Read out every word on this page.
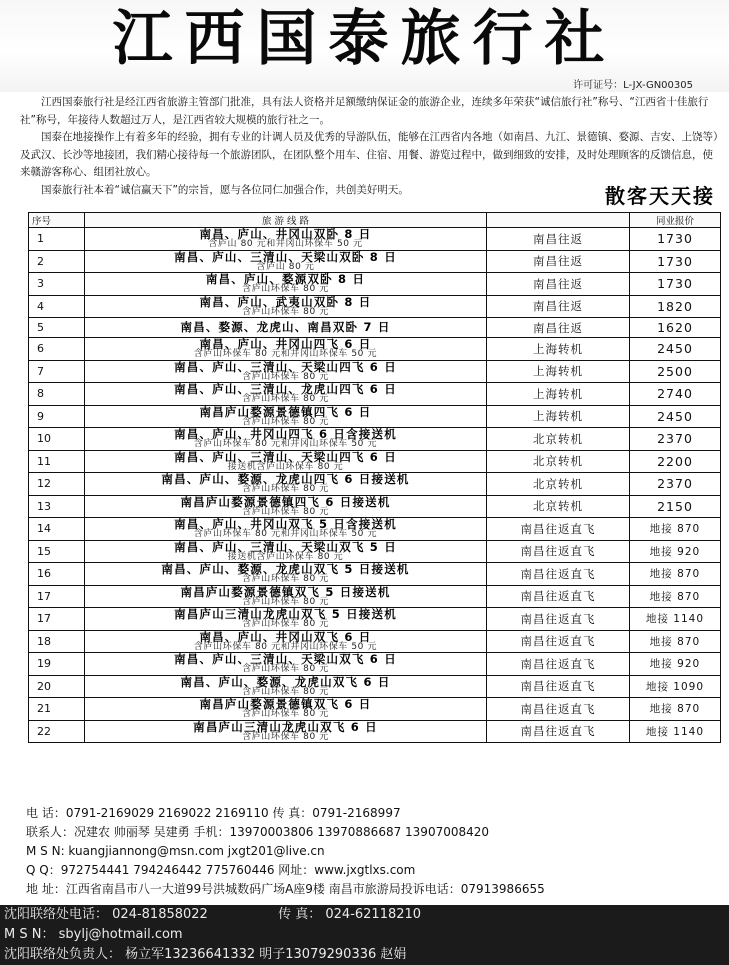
江西国泰旅行社
许可证号：L-JX-GN00305

江西国泰旅行社是经江西省旅游主管部门批准，具有法人资格并足额缴纳保证金的旅游企业，连续多年荣获“诚信旅行社”称号、“江西省十佳旅行社”称号，年接待人数超过万人，是江西省较大规模的旅行社之一。

国泰在地接操作上有着多年的经验，拥有专业的计调人员及优秀的导游队伍，能够在江西省内各地（如南昌、九江、景德镇、婺源、吉安、上饶等）及武汉、长沙等地接团，我们精心接待每一个旅游团队，在团队整个用车、住宿、用餐、游览过程中，做到细致的安排，及时处理顾客的反馈信息，使来赣游客称心、组团社放心。

国泰旅行社本着“诚信赢天下”的宗旨，愿与各位同仁加强合作，共创美好明天。	散客天天接
序号	旅 游 线 路		同业报价
1	南昌、庐山、井冈山双卧 8 日
含庐山 80 元和井冈山环保车 50 元	南昌往返	1730
2	南昌、庐山、三清山、天梁山双卧 8 日
含庐山 80 元	南昌往返	1730
3	南昌、庐山、婺源双卧 8 日
含庐山环保车 80 元	南昌往返	1730
4	南昌、庐山、武夷山双卧 8 日
含庐山环保车 80 元	南昌往返	1820
5	南昌、婺源、龙虎山、南昌双卧 7 日	南昌往返	1620
6	南昌、庐山、井冈山四飞 6 日
含庐山环保车 80 元和井冈山环保车 50 元	上海转机	2450
7	南昌、庐山、三清山、天梁山四飞 6 日
含庐山环保车 80 元	上海转机	2500
8	南昌、庐山、三清山、龙虎山四飞 6 日
含庐山环保车 80 元	上海转机	2740
9	南昌庐山婺源景德镇四飞 6 日
含庐山环保车 80 元	上海转机	2450
10	南昌、庐山、井冈山四飞 6 日含接送机
含庐山环保车 80 元和井冈山环保车 50 元	北京转机	2370
11	南昌、庐山、三清山、天梁山四飞 6 日
接送机含庐山环保车 80 元	北京转机	2200
12	南昌、庐山、婺源、龙虎山四飞 6 日接送机
含庐山环保车 80 元	北京转机	2370
13	南昌庐山婺源景德镇四飞 6 日接送机
含庐山环保车 80 元	北京转机	2150
14	南昌、庐山、井冈山双飞 5 日含接送机
含庐山环保车 80 元和井冈山环保车 50 元	南昌往返直飞	地接 870
15	南昌、庐山、三清山、天梁山双飞 5 日
接送机含庐山环保车 80 元	南昌往返直飞	地接 920
16	南昌、庐山、婺源、龙虎山双飞 5 日接送机
含庐山环保车 80 元	南昌往返直飞	地接 870
17	南昌庐山婺源景德镇双飞 5 日接送机
含庐山环保车 80 元	南昌往返直飞	地接 870
17	南昌庐山三清山龙虎山双飞 5 日接送机
含庐山环保车 80 元	南昌往返直飞	地接 1140
18	南昌、庐山、井冈山双飞 6 日
含庐山环保车 80 元和井冈山环保车 50 元	南昌往返直飞	地接 870
19	南昌、庐山、三清山、天梁山双飞 6 日
含庐山环保车 80 元	南昌往返直飞	地接 920
20	南昌、庐山、婺源、龙虎山双飞 6 日
含庐山环保车 80 元	南昌往返直飞	地接 1090
21	南昌庐山婺源景德镇双飞 6 日
含庐山环保车 80 元	南昌往返直飞	地接 870
22	南昌庐山三清山龙虎山双飞 6 日
含庐山环保车 80 元	南昌往返直飞	地接 1140
电 话：0791-2169029 2169022 2169110 传 真：0791-2168997
联系人：况建农 帅丽琴 吴建勇 手机：13970003806 13970886687 13907008420
M S N: kuangjiannong@msn.com jxgt201@live.cn
Q Q：972754441 794246442 775760446 网址：www.jxgtlxs.com
地 址：江西省南昌市八一大道99号洪城数码广场A座9楼 南昌市旅游局投诉电话：07913986655
沈阳联络处电话： 024-81858022	传 真： 024-62118210
M S N： sbylj@hotmail.com
沈阳联络处负责人： 杨立军13236641332 明子13079290336 赵娟
